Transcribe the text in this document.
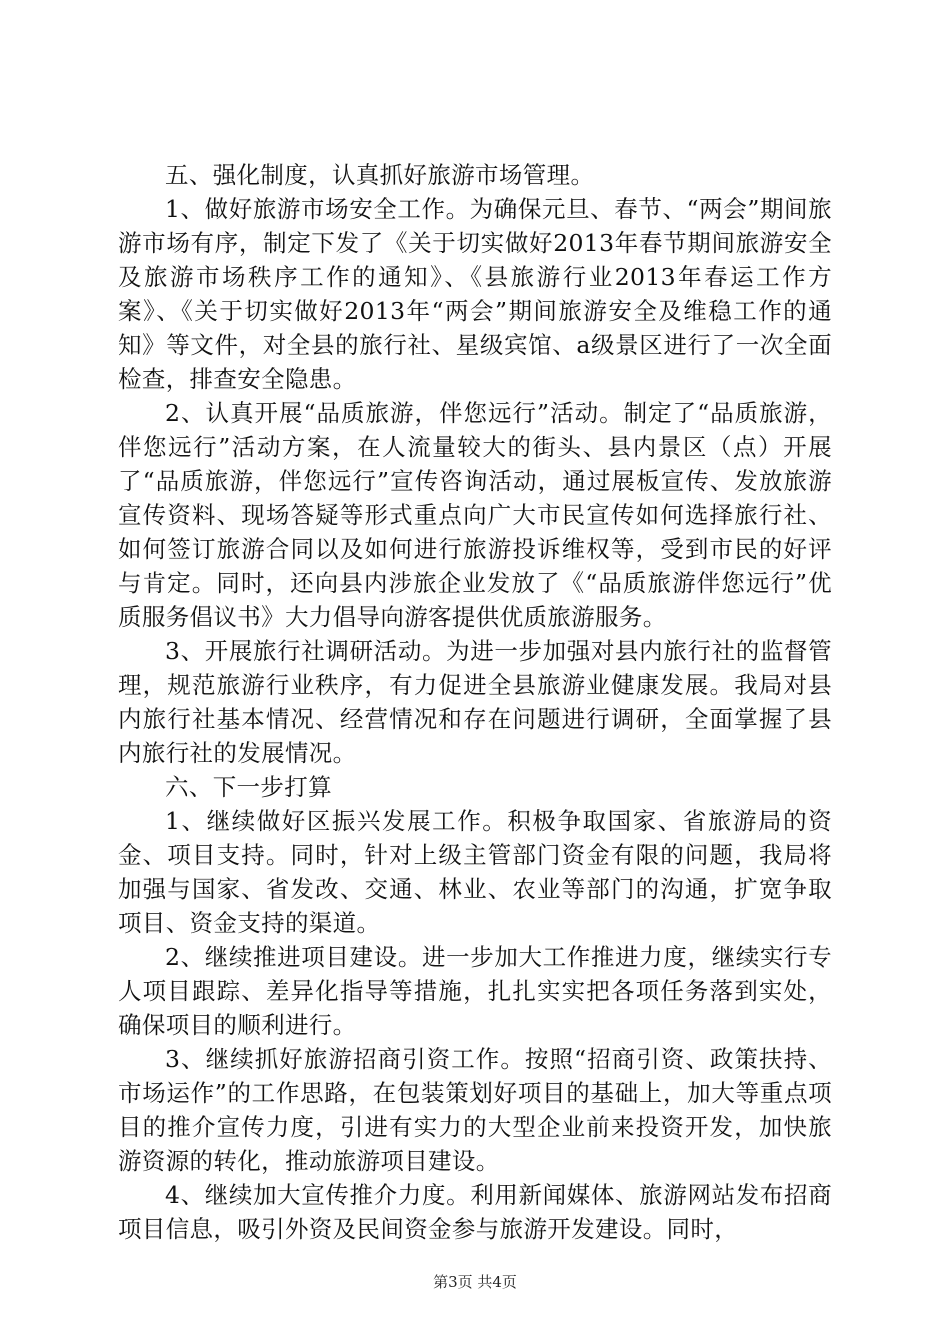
五、强化制度，认真抓好旅游市场管理。

1、做好旅游市场安全工作。为确保元旦、春节、“两会”期间旅游市场有序，制定下发了《关于切实做好2013年春节期间旅游安全及旅游市场秩序工作的通知》、《县旅游行业2013年春运工作方案》、《关于切实做好2013年“两会”期间旅游安全及维稳工作的通知》等文件，对全县的旅行社、星级宾馆、a级景区进行了一次全面检查，排查安全隐患。

2、认真开展“品质旅游，伴您远行”活动。制定了“品质旅游，伴您远行”活动方案，在人流量较大的街头、县内景区（点）开展了“品质旅游，伴您远行”宣传咨询活动，通过展板宣传、发放旅游宣传资料、现场答疑等形式重点向广大市民宣传如何选择旅行社、如何签订旅游合同以及如何进行旅游投诉维权等，受到市民的好评与肯定。同时，还向县内涉旅企业发放了《“品质旅游伴您远行”优质服务倡议书》大力倡导向游客提供优质旅游服务。

3、开展旅行社调研活动。为进一步加强对县内旅行社的监督管理，规范旅游行业秩序，有力促进全县旅游业健康发展。我局对县内旅行社基本情况、经营情况和存在问题进行调研，全面掌握了县内旅行社的发展情况。

六、下一步打算

1、继续做好区振兴发展工作。积极争取国家、省旅游局的资金、项目支持。同时，针对上级主管部门资金有限的问题，我局将加强与国家、省发改、交通、林业、农业等部门的沟通，扩宽争取项目、资金支持的渠道。

2、继续推进项目建设。进一步加大工作推进力度，继续实行专人项目跟踪、差异化指导等措施，扎扎实实把各项任务落到实处，确保项目的顺利进行。

3、继续抓好旅游招商引资工作。按照“招商引资、政策扶持、市场运作”的工作思路，在包装策划好项目的基础上，加大等重点项目的推介宣传力度，引进有实力的大型企业前来投资开发，加快旅游资源的转化，推动旅游项目建设。

4、继续加大宣传推介力度。利用新闻媒体、旅游网站发布招商项目信息，吸引外资及民间资金参与旅游开发建设。同时，

第3页 共4页
